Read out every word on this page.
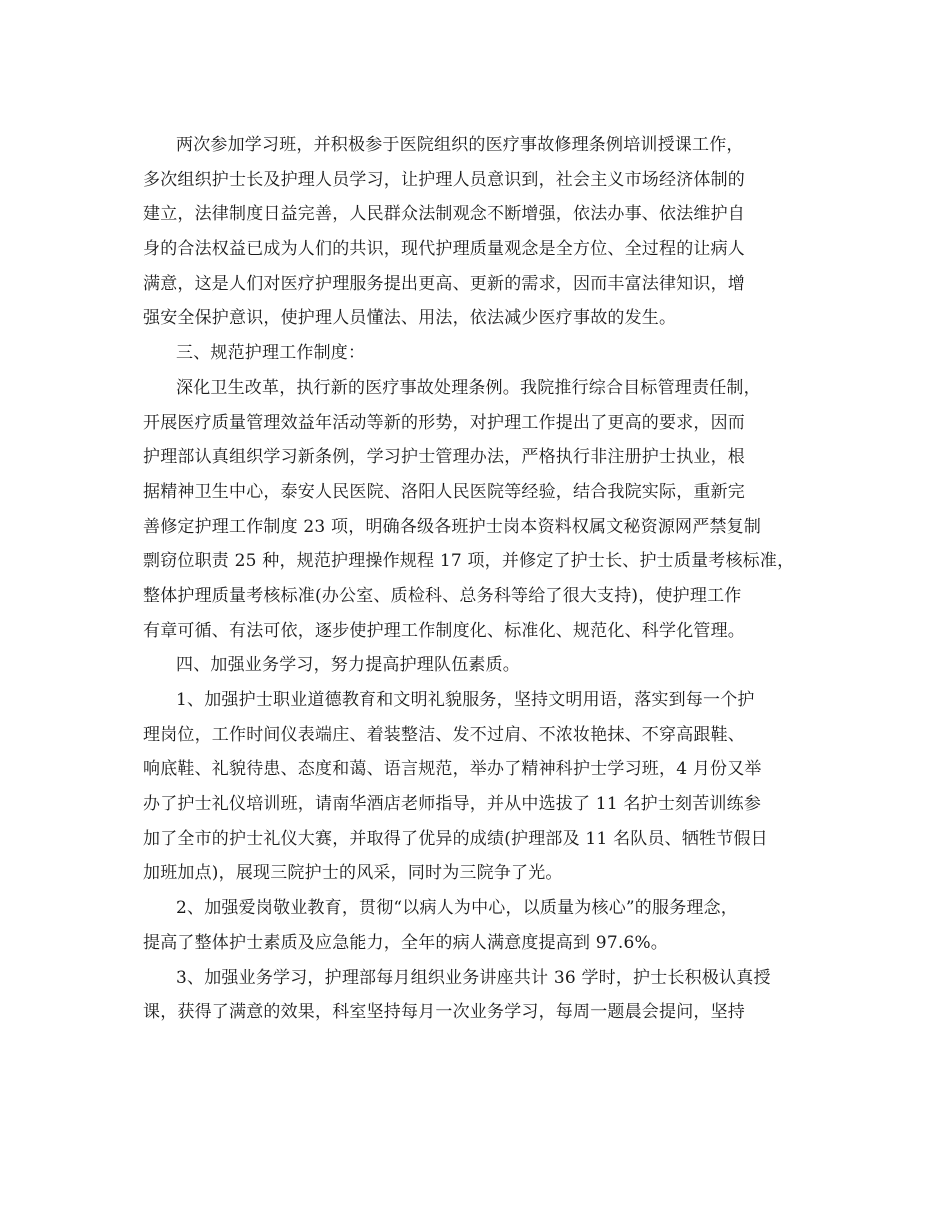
两次参加学习班，并积极参于医院组织的医疗事故修理条例培训授课工作，
多次组织护士长及护理人员学习，让护理人员意识到，社会主义市场经济体制的
建立，法律制度日益完善，人民群众法制观念不断增强，依法办事、依法维护自
身的合法权益已成为人们的共识，现代护理质量观念是全方位、全过程的让病人
满意，这是人们对医疗护理服务提出更高、更新的需求，因而丰富法律知识，增
强安全保护意识，使护理人员懂法、用法，依法减少医疗事故的发生。
三、规范护理工作制度：
深化卫生改革，执行新的医疗事故处理条例。我院推行综合目标管理责任制，
开展医疗质量管理效益年活动等新的形势，对护理工作提出了更高的要求，因而
护理部认真组织学习新条例，学习护士管理办法，严格执行非注册护士执业，根
据精神卫生中心，泰安人民医院、洛阳人民医院等经验，结合我院实际，重新完
善修定护理工作制度 23 项，明确各级各班护士岗本资料权属文秘资源网严禁复制
剽窃位职责 25 种，规范护理操作规程 17 项，并修定了护士长、护士质量考核标准，
整体护理质量考核标准(办公室、质检科、总务科等给了很大支持)，使护理工作
有章可循、有法可依，逐步使护理工作制度化、标准化、规范化、科学化管理。
四、加强业务学习，努力提高护理队伍素质。
1、加强护士职业道德教育和文明礼貌服务，坚持文明用语，落实到每一个护
理岗位，工作时间仪表端庄、着装整洁、发不过肩、不浓妆艳抹、不穿高跟鞋、
响底鞋、礼貌待患、态度和蔼、语言规范，举办了精神科护士学习班，4 月份又举
办了护士礼仪培训班，请南华酒店老师指导，并从中选拔了 11 名护士刻苦训练参
加了全市的护士礼仪大赛，并取得了优异的成绩(护理部及 11 名队员、牺牲节假日
加班加点)，展现三院护士的风采，同时为三院争了光。
2、加强爱岗敬业教育，贯彻“以病人为中心，以质量为核心”的服务理念，
提高了整体护士素质及应急能力，全年的病人满意度提高到 97.6%。
3、加强业务学习，护理部每月组织业务讲座共计 36 学时，护士长积极认真授
课，获得了满意的效果，科室坚持每月一次业务学习，每周一题晨会提问，坚持
